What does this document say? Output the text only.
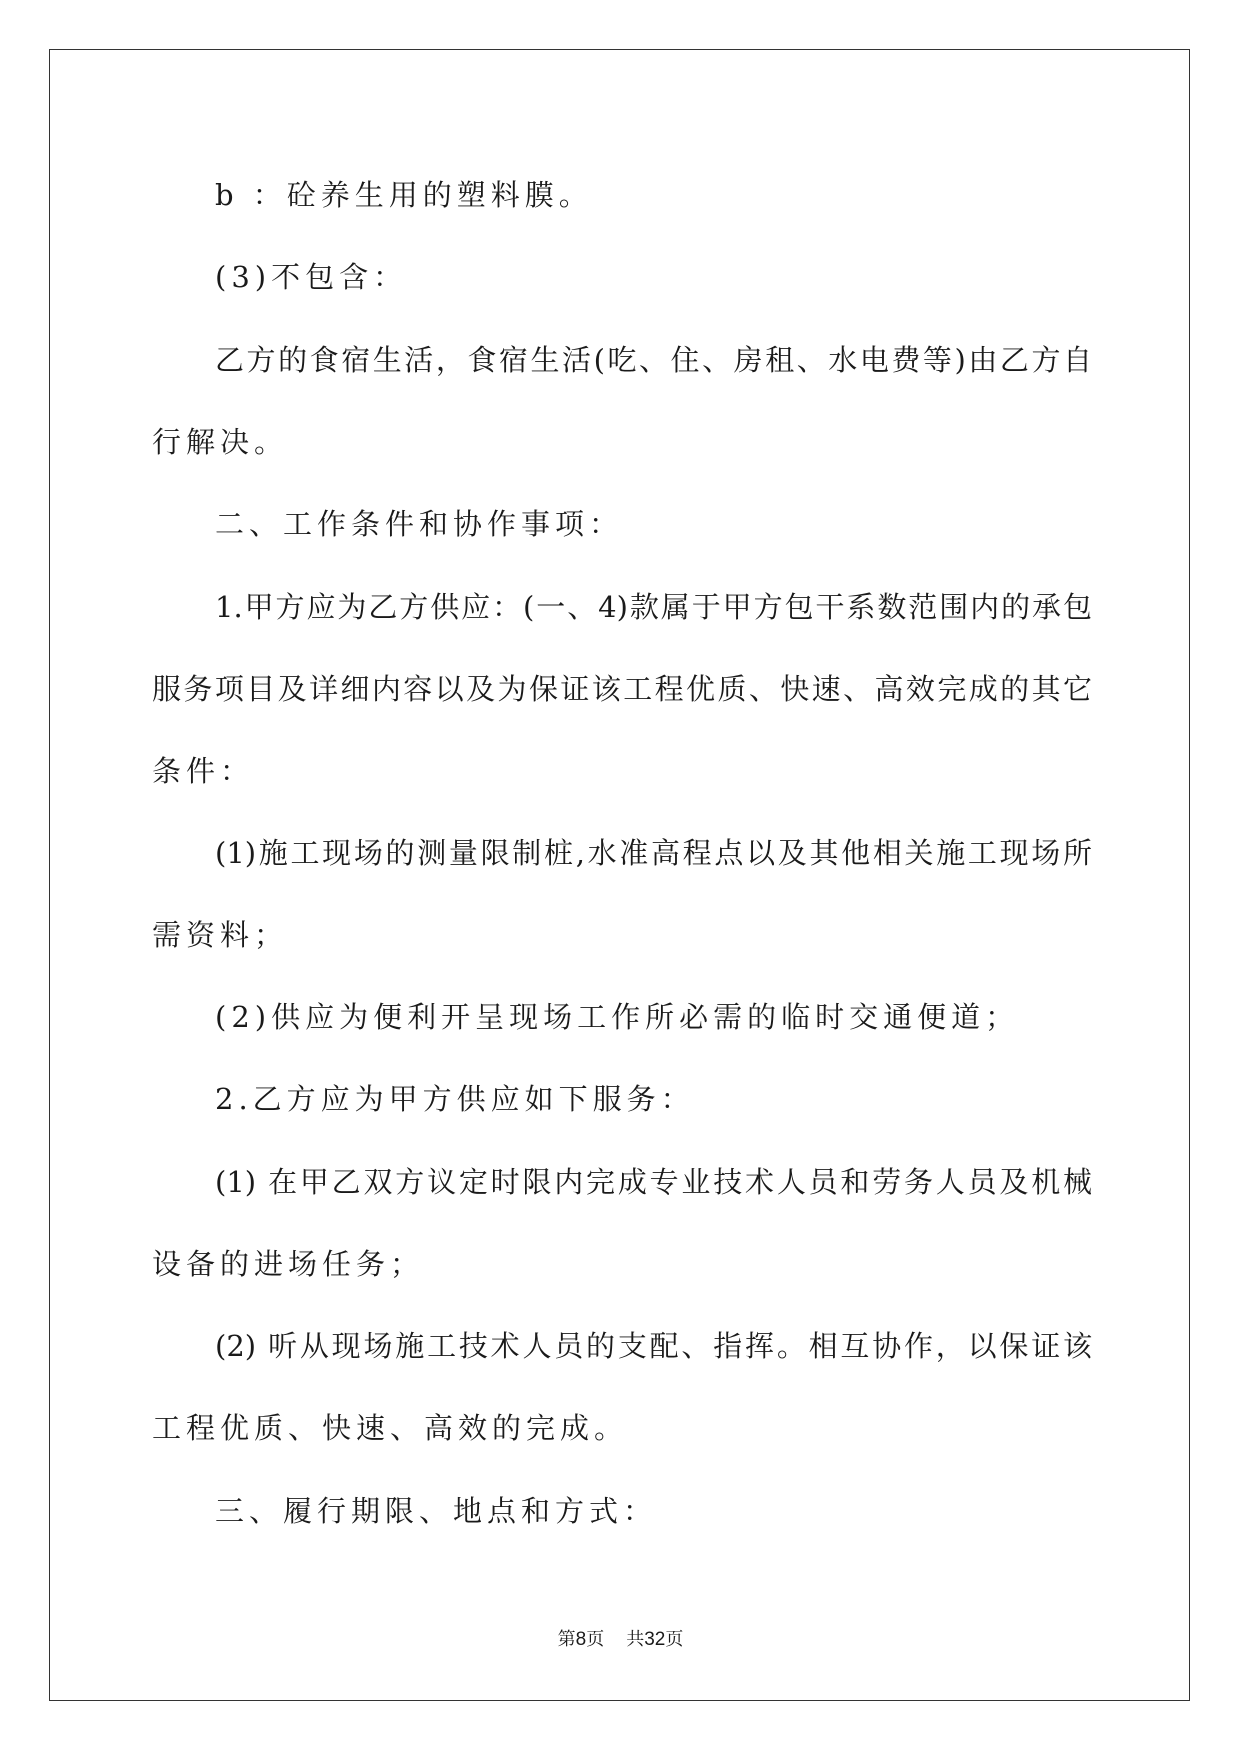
b ：砼养生用的塑料膜。
(3)不包含：
乙方的食宿生活，食宿生活(吃、住、房租、水电费等)由乙方自
行解决。
二、工作条件和协作事项：
1.甲方应为乙方供应：(一、4)款属于甲方包干系数范围内的承包
服务项目及详细内容以及为保证该工程优质、快速、高效完成的其它
条件：
(1)施工现场的测量限制桩,水准高程点以及其他相关施工现场所
需资料；
(2)供应为便利开呈现场工作所必需的临时交通便道；
2.乙方应为甲方供应如下服务：
(1) 在甲乙双方议定时限内完成专业技术人员和劳务人员及机械
设备的进场任务；
(2) 听从现场施工技术人员的支配、指挥。相互协作，以保证该
工程优质、快速、高效的完成。
三、履行期限、地点和方式：
第8页 共32页
